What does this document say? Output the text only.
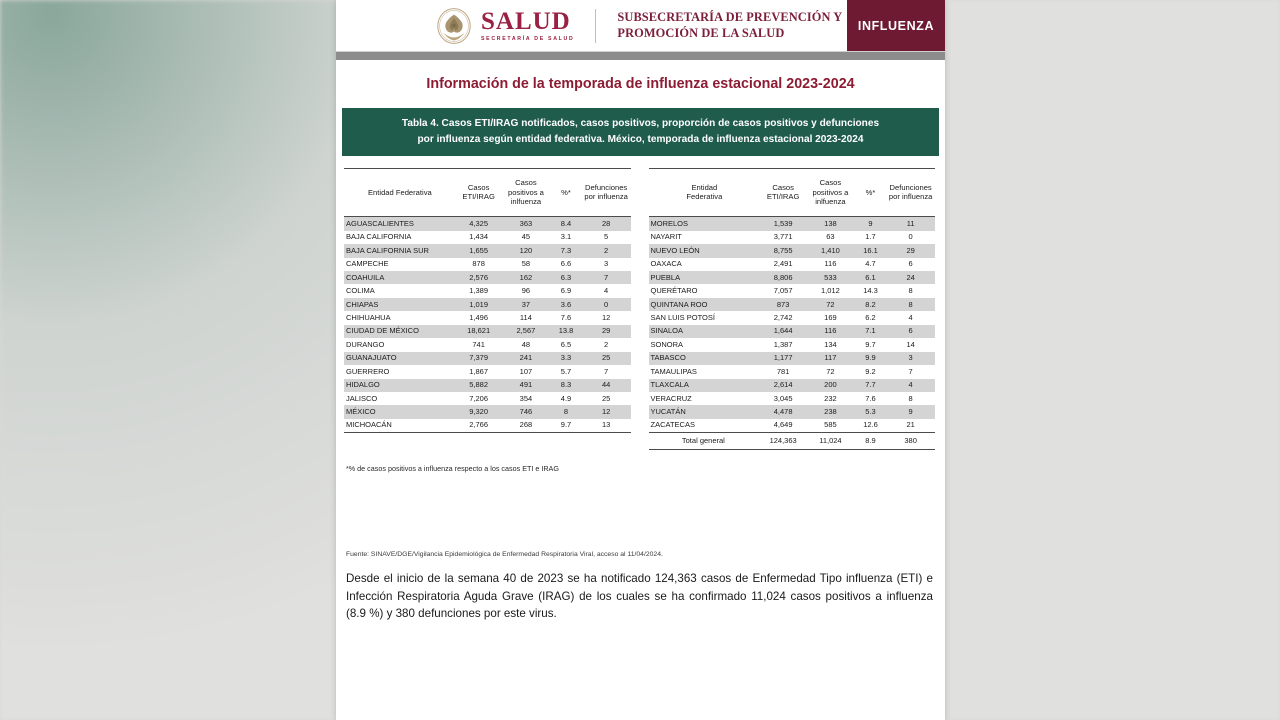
SALUD
SECRETARÍA DE SALUD
SUBSECRETARÍA DE PREVENCIÓN Y
PROMOCIÓN DE LA SALUD	INFLUENZA
Información de la temporada de influenza estacional 2023-2024
Tabla 4. Casos ETI/IRAG notificados, casos positivos, proporción de casos positivos y defunciones
por influenza según entidad federativa. México, temporada de influenza estacional 2023-2024
Entidad Federativa	Casos ETI/IRAG	Casos
positivos a
inlfuenza	%*	Defunciones
por influenza
AGUASCALIENTES	4,325	363	8.4	28
BAJA CALIFORNIA	1,434	45	3.1	5
BAJA CALIFORNIA SUR	1,655	120	7.3	2
CAMPECHE	878	58	6.6	3
COAHUILA	2,576	162	6.3	7
COLIMA	1,389	96	6.9	4
CHIAPAS	1,019	37	3.6	0
CHIHUAHUA	1,496	114	7.6	12
CIUDAD DE MÉXICO	18,621	2,567	13.8	29
DURANGO	741	48	6.5	2
GUANAJUATO	7,379	241	3.3	25
GUERRERO	1,867	107	5.7	7
HIDALGO	5,882	491	8.3	44
JALISCO	7,206	354	4.9	25
MÉXICO	9,320	746	8	12
MICHOACÁN	2,766	268	9.7	13
Entidad
Federativa	Casos
ETI/IRAG	Casos
positivos a
inlfuenza	%*	Defunciones
por influenza
MORELOS	1,539	138	9	11
NAYARIT	3,771	63	1.7	0
NUEVO LEÓN	8,755	1,410	16.1	29
OAXACA	2,491	116	4.7	6
PUEBLA	8,806	533	6.1	24
QUERÉTARO	7,057	1,012	14.3	8
QUINTANA ROO	873	72	8.2	8
SAN LUIS POTOSÍ	2,742	169	6.2	4
SINALOA	1,644	116	7.1	6
SONORA	1,387	134	9.7	14
TABASCO	1,177	117	9.9	3
TAMAULIPAS	781	72	9.2	7
TLAXCALA	2,614	200	7.7	4
VERACRUZ	3,045	232	7.6	8
YUCATÁN	4,478	238	5.3	9
ZACATECAS	4,649	585	12.6	21
Total general	124,363	11,024	8.9	380
*% de casos positivos a influenza respecto a los casos ETI e IRAG
Fuente: SINAVE/DGE/Vigilancia Epidemiológica de Enfermedad Respiratoria Viral, acceso al 11/04/2024.
Desde el inicio de la semana 40 de 2023 se ha notificado 124,363 casos de Enfermedad Tipo influenza (ETI) e Infección Respiratoria Aguda Grave (IRAG) de los cuales se ha confirmado 11,024 casos positivos a influenza (8.9 %) y 380 defunciones por este virus.
